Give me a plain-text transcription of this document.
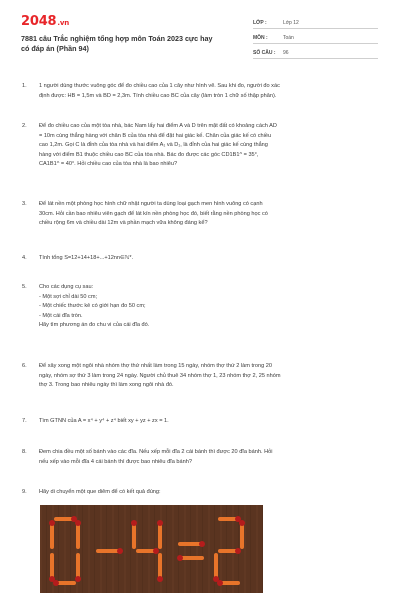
2048.vn
7881 câu Trắc nghiệm tổng hợp môn Toán 2023 cực hay có đáp án (Phần 94)
LỚP :	Lớp 12
MÔN :	Toán
SỐ CÂU :	96
1. 1 người dùng thước vuông góc để đo chiều cao của 1 cây như hình vẽ. Sau khi đo, người đo xác
định được: HB = 1,5m và BD = 2,3m. Tính chiều cao BC của cây (làm tròn 1 chữ số thập phân).
2. Để đo chiều cao của một tòa nhà, bác Nam lấy hai điểm A và D trên mặt đất có khoảng cách AD
= 10m cùng thẳng hàng với chân B của tòa nhà để đặt hai giác kế. Chân của giác kế có chiều
cao 1,2m. Gọi C là đỉnh của tòa nhà và hai điểm A₁ và D₁, là đỉnh của hai giác kế cùng thẳng
hàng với điểm B1 thuộc chiều cao BC của tòa nhà. Bác đo được các góc CD1B1^ = 35°,
CA1B1^ = 40°. Hỏi chiều cao của tòa nhà là bao nhiêu?
3. Để lát nền một phòng học hình chữ nhật người ta dùng loại gạch men hình vuông có cạnh
30cm. Hỏi cần bao nhiêu viên gạch để lát kín nền phòng học đó, biết rằng nền phòng học có
chiều rộng 6m và chiều dài 12m và phần mạch vữa không đáng kể?
4. Tính tổng S=12+14+18+...+12nn∈ℕ*.
5. Cho các dụng cụ sau:
- Một sợi chỉ dài 50 cm;
- Một chiếc thước kẻ có giới hạn đo 50 cm;
- Một cái đĩa tròn.
Hãy tìm phương án đo chu vi của cái đĩa đó.
6. Để xây xong một ngôi nhà nhóm thợ thứ nhất làm trong 15 ngày, nhóm thợ thứ 2 làm trong 20
ngày, nhóm sợ thứ 3 làm trong 24 ngày. Người chủ thuê 34 nhóm thợ 1, 23 nhóm thợ 2, 25 nhóm
thợ 3. Trong bao nhiêu ngày thì làm xong ngôi nhà đó.
7. Tìm GTNN của A = x⁴ + y⁴ + z⁴ biết xy + yz + zx = 1.
8. Đem chia đều một số bánh vào các đĩa. Nếu xếp mỗi đĩa 2 cái bánh thì được 20 đĩa bánh. Hỏi
nếu xếp vào mỗi đĩa 4 cái bánh thì được bao nhiêu đĩa bánh?
9. Hãy di chuyển một que diêm để có kết quả đúng:
